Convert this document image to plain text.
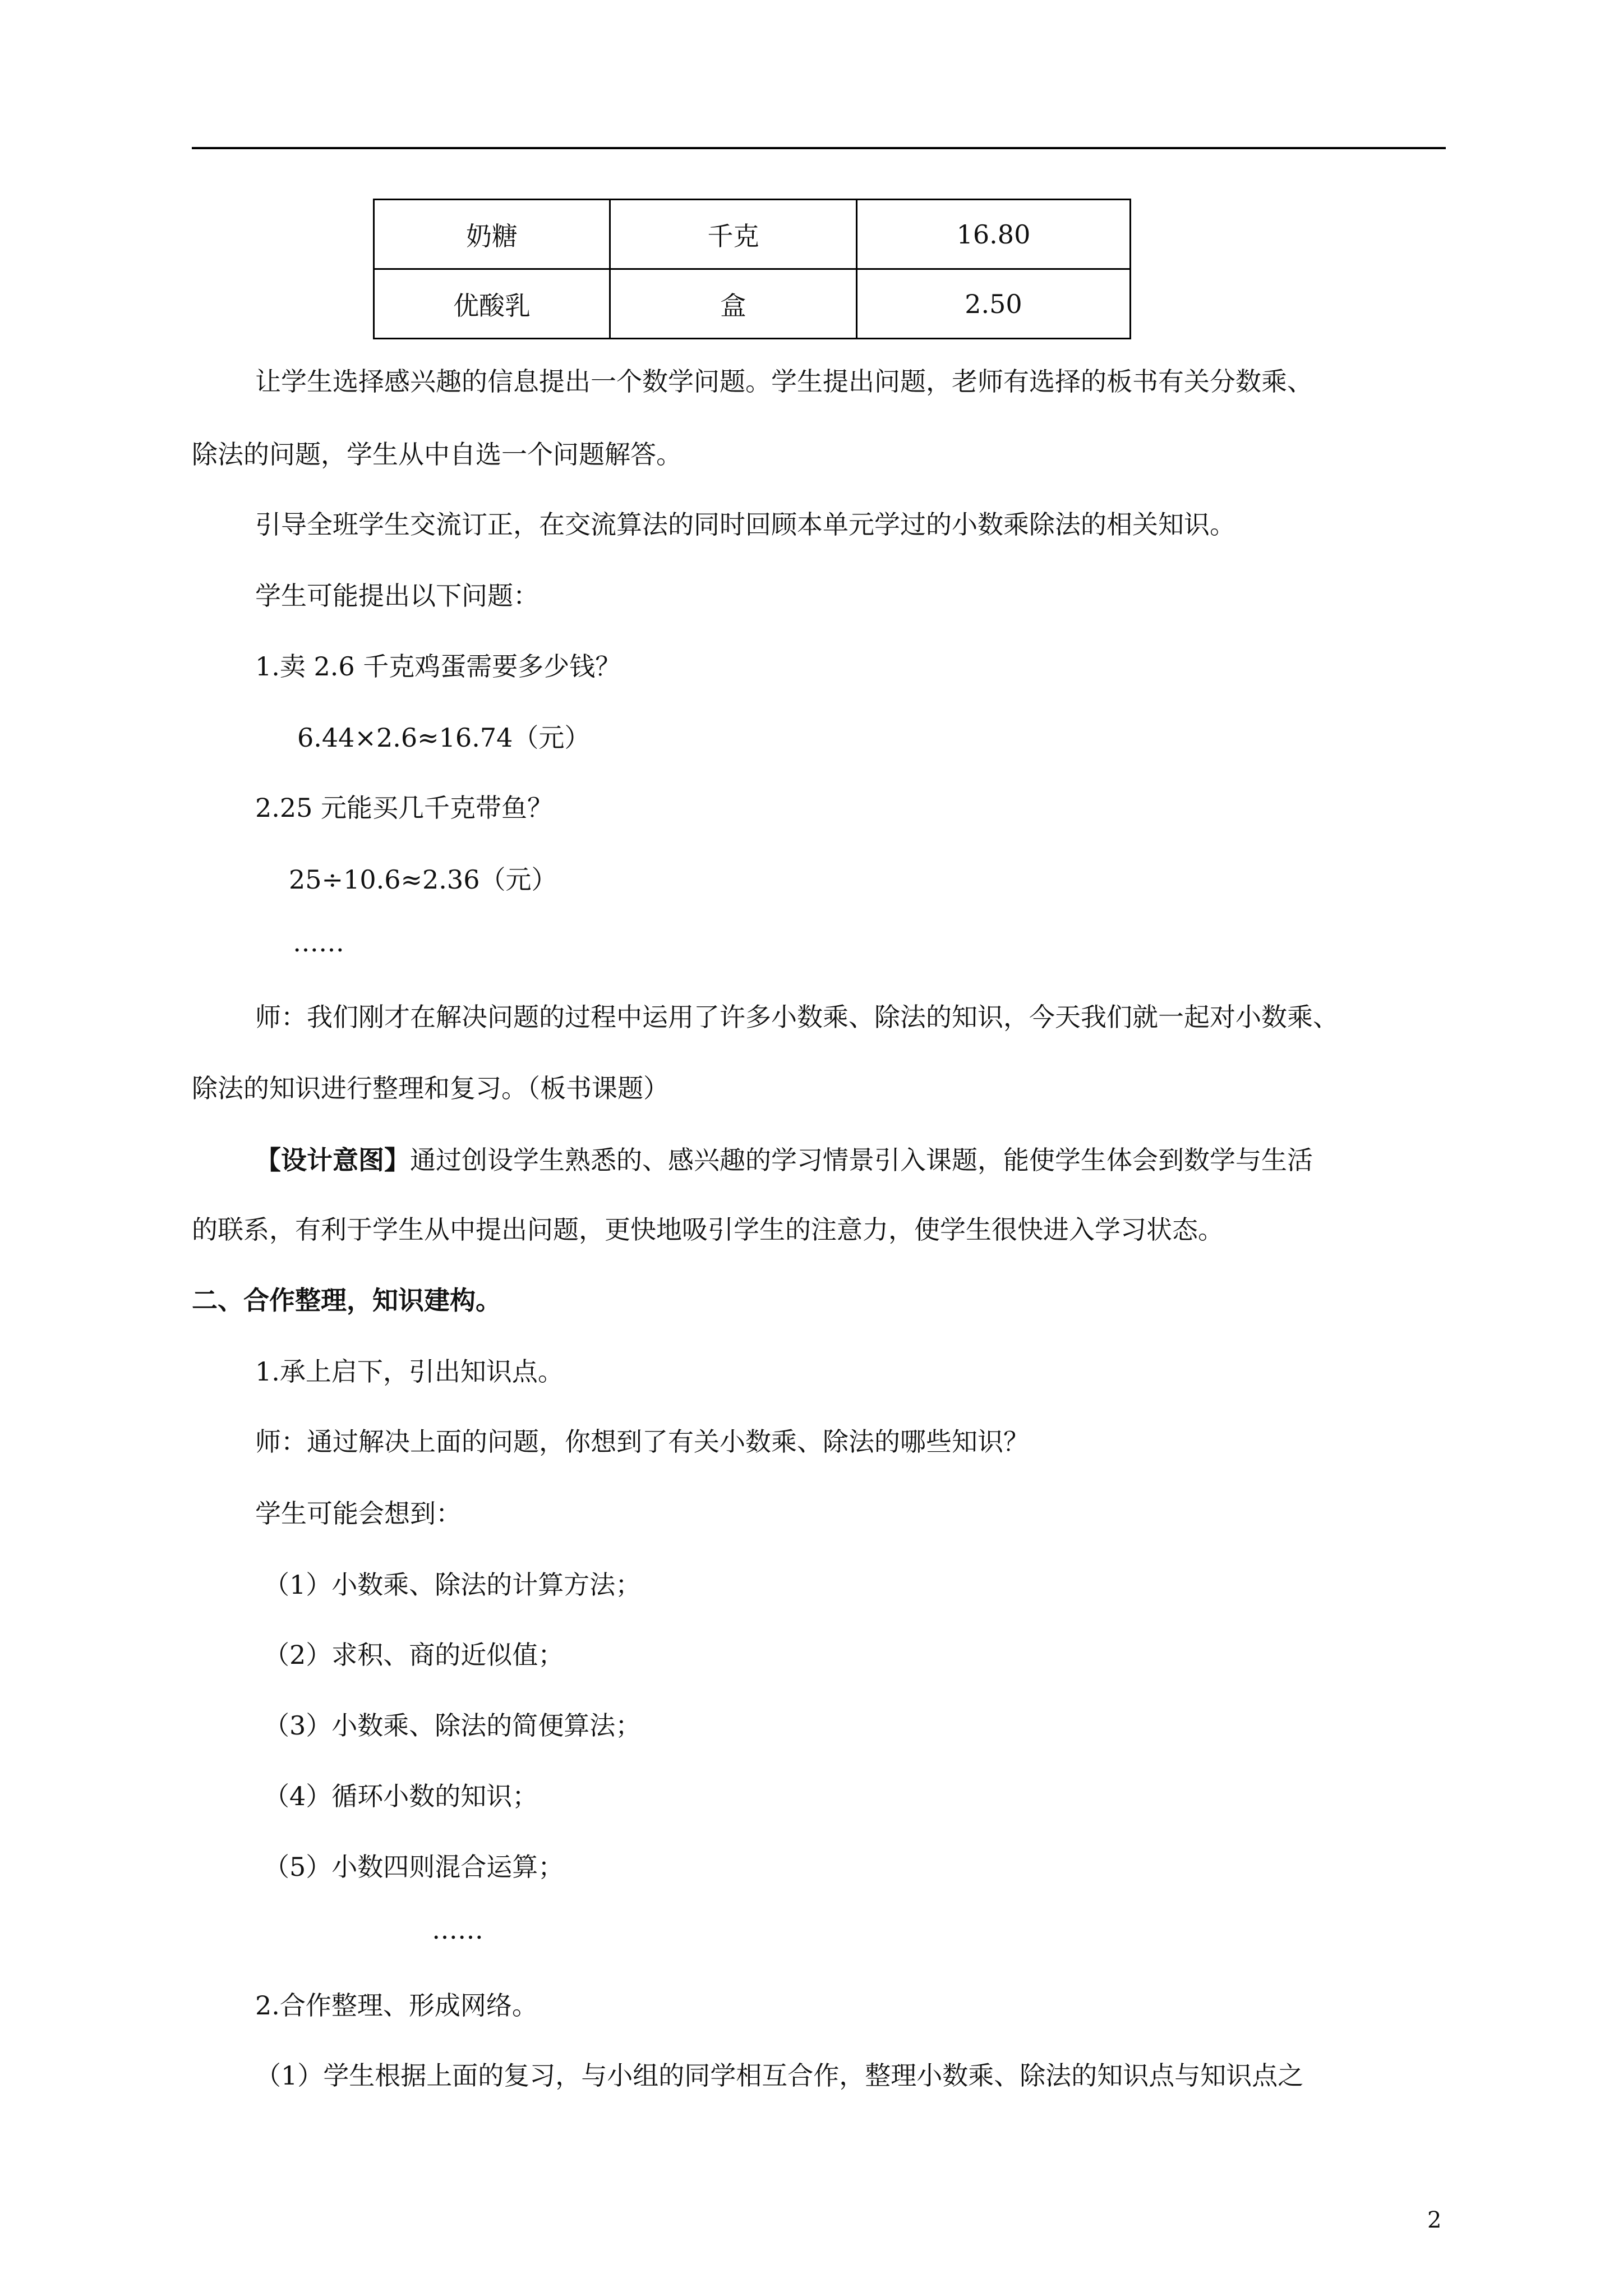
奶糖	千克	16.80
优酸乳	盒	2.50
让学生选择感兴趣的信息提出一个数学问题。学生提出问题，老师有选择的板书有关分数乘、
除法的问题，学生从中自选一个问题解答。
引导全班学生交流订正，在交流算法的同时回顾本单元学过的小数乘除法的相关知识。
学生可能提出以下问题：
1.卖 2.6 千克鸡蛋需要多少钱？
6.44×2.6≈16.74（元）
2.25 元能买几千克带鱼？
25÷10.6≈2.36（元）
……
师：我们刚才在解决问题的过程中运用了许多小数乘、除法的知识，今天我们就一起对小数乘、
除法的知识进行整理和复习。（板书课题）
【设计意图】通过创设学生熟悉的、感兴趣的学习情景引入课题，能使学生体会到数学与生活
的联系，有利于学生从中提出问题，更快地吸引学生的注意力，使学生很快进入学习状态。
二、合作整理，知识建构。
1.承上启下，引出知识点。
师：通过解决上面的问题，你想到了有关小数乘、除法的哪些知识？
学生可能会想到：
（1）小数乘、除法的计算方法；
（2）求积、商的近似值；
（3）小数乘、除法的简便算法；
（4）循环小数的知识；
（5）小数四则混合运算；
……
2.合作整理、形成网络。
（1）学生根据上面的复习，与小组的同学相互合作，整理小数乘、除法的知识点与知识点之
2
